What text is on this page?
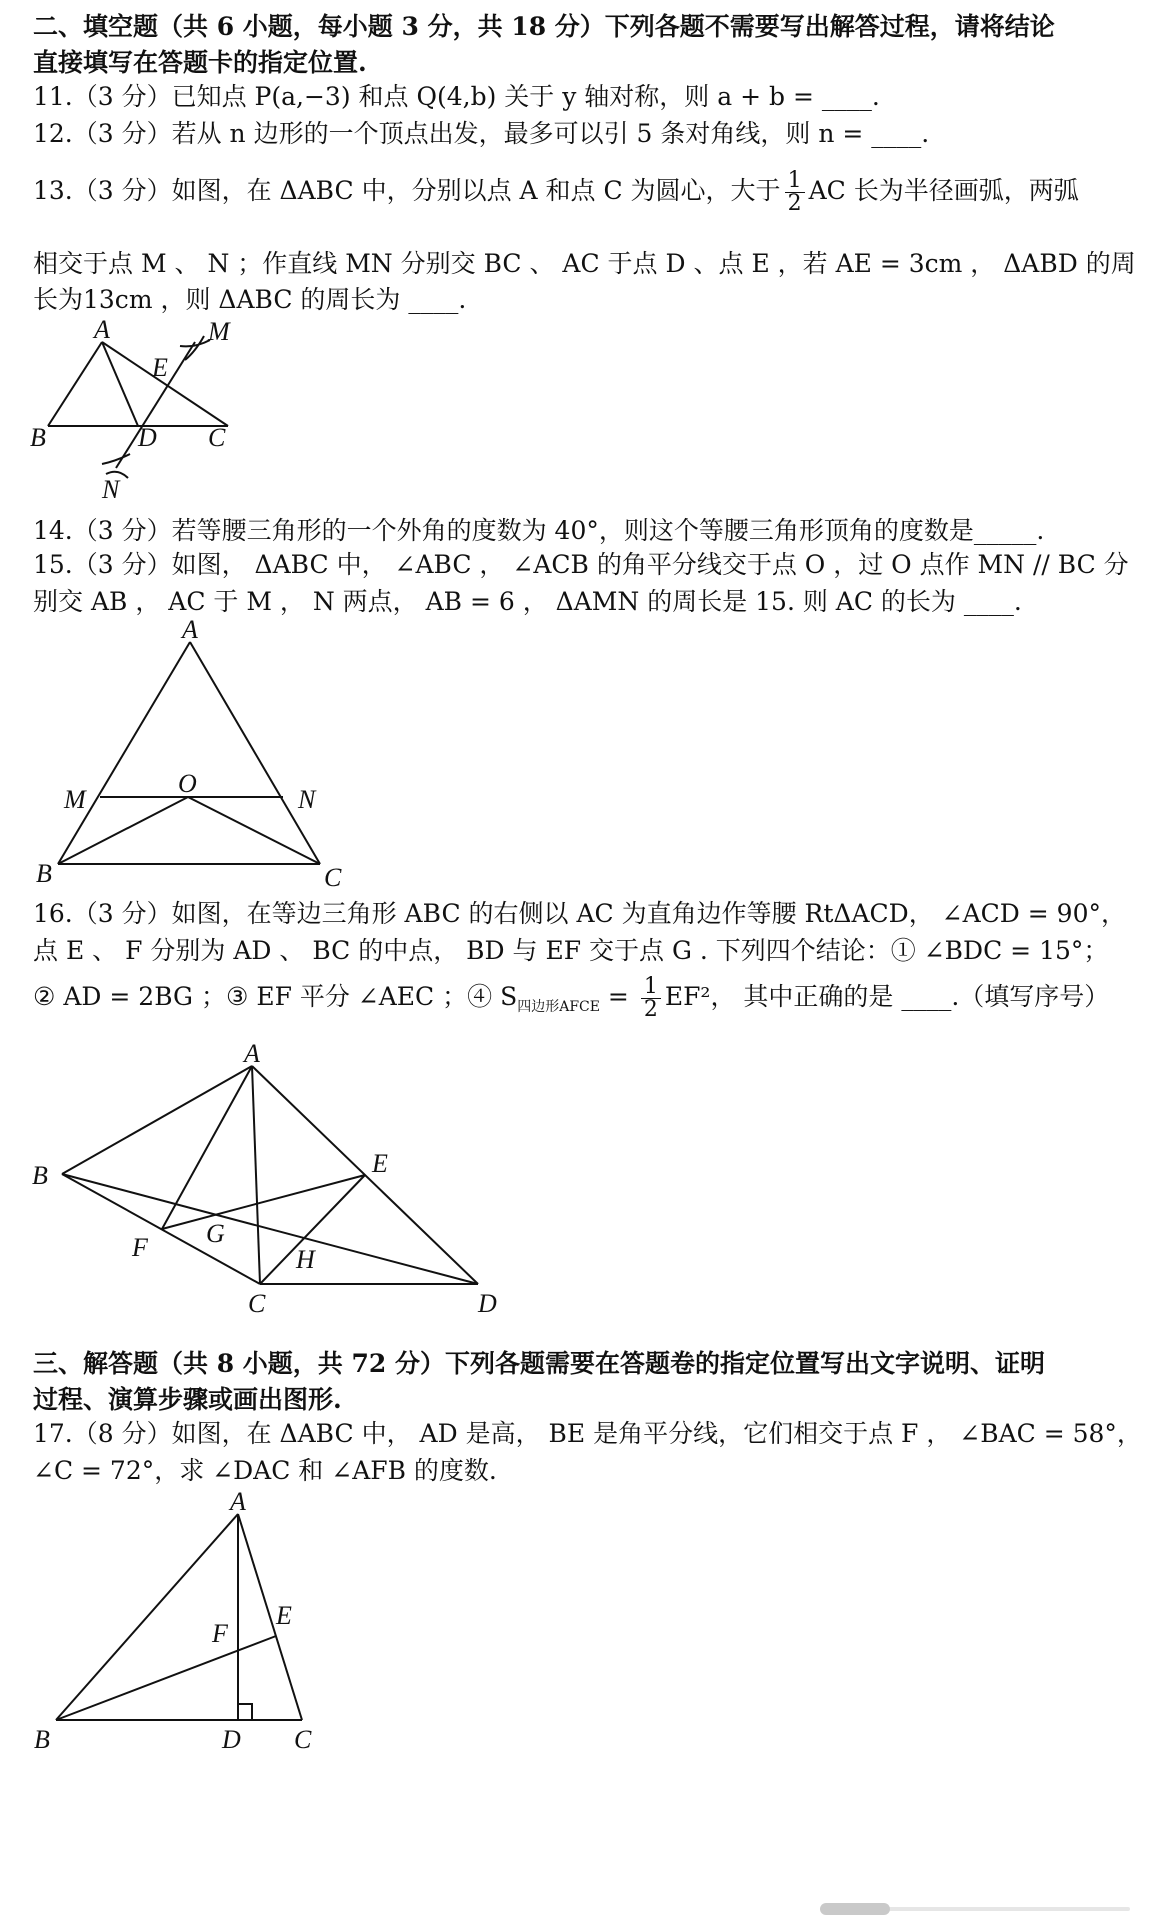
二、填空题（共 6 小题，每小题 3 分，共 18 分）下列各题不需要写出解答过程，请将结论
直接填写在答题卡的指定位置.
11.（3 分）已知点 P(a,−3) 和点 Q(4,b) 关于 y 轴对称，则 a + b = ____.
12.（3 分）若从 n 边形的一个顶点出发，最多可以引 5 条对角线，则 n = ____.
13.（3 分）如图，在 ΔABC 中，分别以点 A 和点 C 为圆心，大于 $\frac{1}{2}$ AC 长为半径画弧，两弧
相交于点 M 、 N ；作直线 MN 分别交 BC 、 AC 于点 D 、点 E ，若 AE = 3cm ， ΔABD 的周
长为13cm ，则 ΔABC 的周长为 ____.
A	M
E
B	D C
N
14.（3 分）若等腰三角形的一个外角的度数为 40°，则这个等腰三角形顶角的度数是_____.
15.（3 分）如图， ΔABC 中， ∠ABC ， ∠ACB 的角平分线交于点 O ，过 O 点作 MN // BC 分
别交 AB ， AC 于 M ， N 两点， AB = 6 ， ΔAMN 的周长是 15. 则 AC 的长为 ____.
A
M
O
N
B	C
16.（3 分）如图，在等边三角形 ABC 的右侧以 AC 为直角边作等腰 RtΔACD， ∠ACD = 90°，
点 E 、 F 分别为 AD 、 BC 的中点， BD 与 EF 交于点 G . 下列四个结论：① ∠BDC = 15°；
② AD = 2BG ；③ EF 平分 ∠AEC ；④ $S_{四边形AFCE} = \frac{1}{2} EF^2$， 其中正确的是 ____.（填写序号）
A
B	E
F G
H
C	D
三、解答题（共 8 小题，共 72 分）下列各题需要在答题卷的指定位置写出文字说明、证明
过程、演算步骤或画出图形.
17.（8 分）如图，在 ΔABC 中， AD 是高， BE 是角平分线，它们相交于点 F ， ∠BAC = 58°，
∠C = 72°，求 ∠DAC 和 ∠AFB 的度数.
A
F
E
B	D C
